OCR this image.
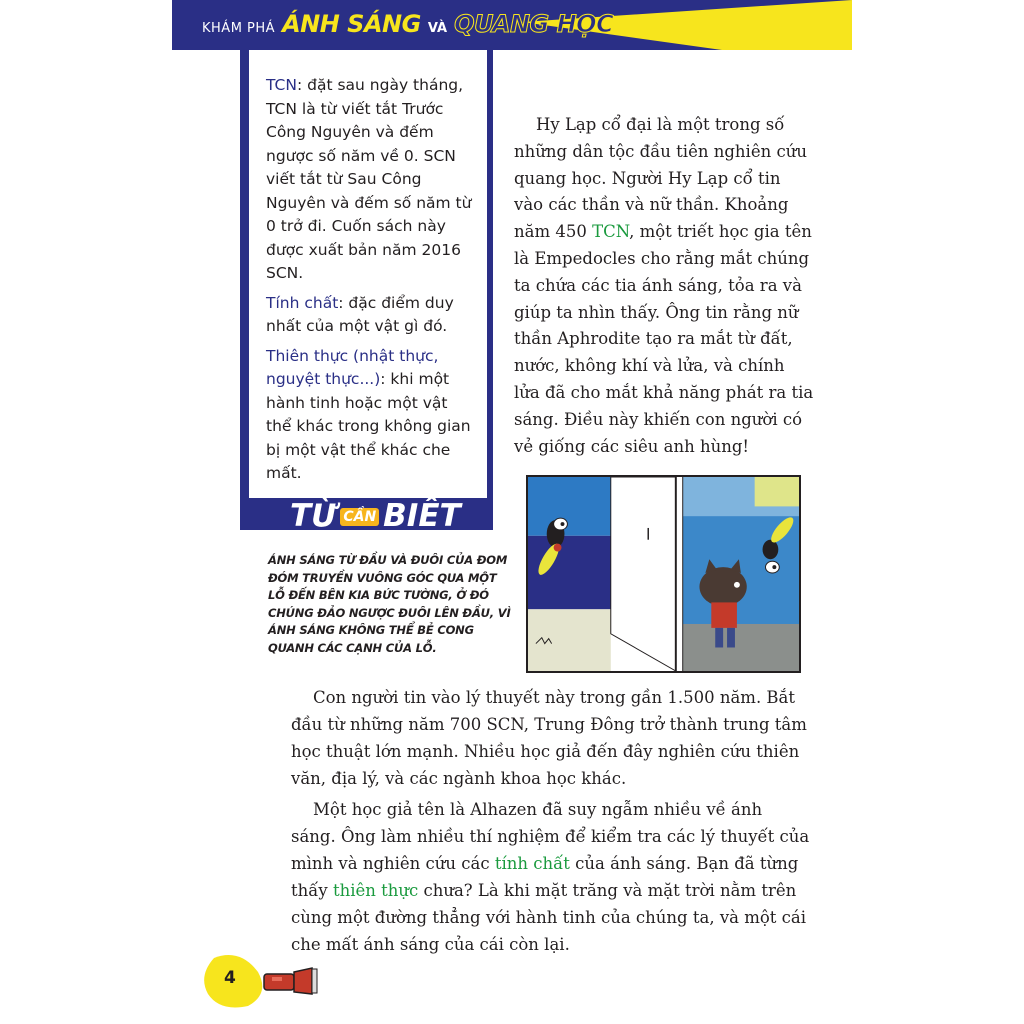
KHÁM PHÁ ÁNH SÁNG VÀ QUANG HỌC

TCN: đặt sau ngày tháng, TCN là từ viết tắt Trước Công Nguyên và đếm ngược số năm về 0. SCN viết tắt từ Sau Công Nguyên và đếm số năm từ 0 trở đi. Cuốn sách này được xuất bản năm 2016 SCN.

Tính chất: đặc điểm duy nhất của một vật gì đó.

Thiên thực (nhật thực, nguyệt thực...): khi một hành tinh hoặc một vật thể khác trong không gian bị một vật thể khác che mất.

TỪ CẦN BIẾT

Hy Lạp cổ đại là một trong số những dân tộc đầu tiên nghiên cứu quang học. Người Hy Lạp cổ tin vào các thần và nữ thần. Khoảng năm 450 TCN, một triết học gia tên là Empedocles cho rằng mắt chúng ta chứa các tia ánh sáng, tỏa ra và giúp ta nhìn thấy. Ông tin rằng nữ thần Aphrodite tạo ra mắt từ đất, nước, không khí và lửa, và chính lửa đã cho mắt khả năng phát ra tia sáng. Điều này khiến con người có vẻ giống các siêu anh hùng!

ÁNH SÁNG TỪ ĐẦU VÀ ĐUÔI CỦA ĐOM ĐÓM TRUYỀN VUÔNG GÓC QUA MỘT LỖ ĐẾN BÊN KIA BỨC TƯỜNG, Ở ĐÓ CHÚNG ĐẢO NGƯỢC ĐUÔI LÊN ĐẦU, VÌ ÁNH SÁNG KHÔNG THỂ BẺ CONG QUANH CÁC CẠNH CỦA LỖ.

Con người tin vào lý thuyết này trong gần 1.500 năm. Bắt đầu từ những năm 700 SCN, Trung Đông trở thành trung tâm học thuật lớn mạnh. Nhiều học giả đến đây nghiên cứu thiên văn, địa lý, và các ngành khoa học khác.

Một học giả tên là Alhazen đã suy ngẫm nhiều về ánh sáng. Ông làm nhiều thí nghiệm để kiểm tra các lý thuyết của mình và nghiên cứu các tính chất của ánh sáng. Bạn đã từng thấy thiên thực chưa? Là khi mặt trăng và mặt trời nằm trên cùng một đường thẳng với hành tinh của chúng ta, và một cái che mất ánh sáng của cái còn lại.

4
